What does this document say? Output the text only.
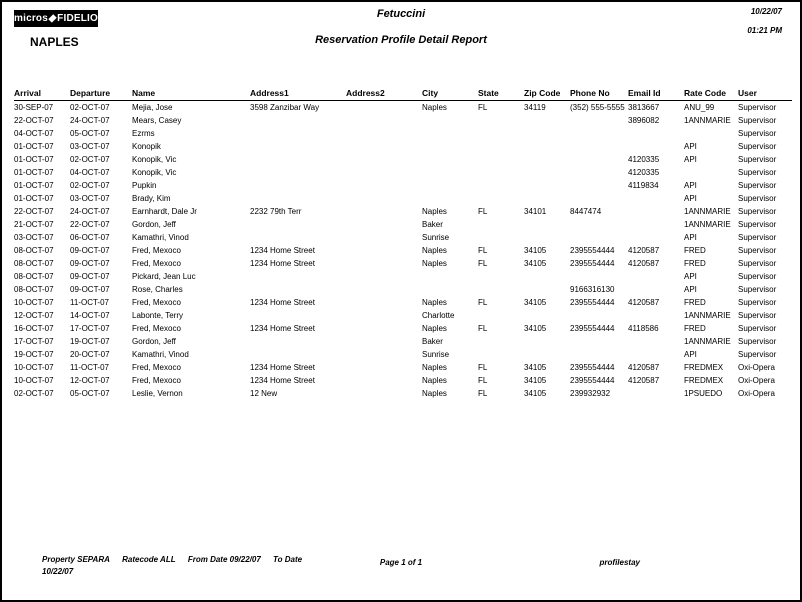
micros FIDELIO
NAPLES
Fetuccini
Reservation Profile Detail Report
10/22/07
01:21 PM
Arrival	Departure	Name	Address1	Address2	City	State	Zip Code	Phone No	Email Id	Rate Code	User
30-SEP-07	02-OCT-07	Mejia, Jose	3598 Zanzibar Way		Naples	FL	34119	(352) 555-5555	3813667	ANU_99	Supervisor
22-OCT-07	24-OCT-07	Mears, Casey							3896082	1ANNMARIE	Supervisor
04-OCT-07	05-OCT-07	Ezrms									Supervisor
01-OCT-07	03-OCT-07	Konopik								API	Supervisor
01-OCT-07	02-OCT-07	Konopik, Vic							4120335	API	Supervisor
01-OCT-07	04-OCT-07	Konopik, Vic							4120335		Supervisor
01-OCT-07	02-OCT-07	Pupkin							4119834	API	Supervisor
01-OCT-07	03-OCT-07	Brady, Kim								API	Supervisor
22-OCT-07	24-OCT-07	Earnhardt, Dale Jr	2232 79th Terr		Naples	FL	34101	8447474		1ANNMARIE	Supervisor
21-OCT-07	22-OCT-07	Gordon, Jeff			Baker					1ANNMARIE	Supervisor
03-OCT-07	06-OCT-07	Kamathri, Vinod			Sunrise					API	Supervisor
08-OCT-07	09-OCT-07	Fred, Mexoco	1234 Home Street		Naples	FL	34105	2395554444	4120587	FRED	Supervisor
08-OCT-07	09-OCT-07	Fred, Mexoco	1234 Home Street		Naples	FL	34105	2395554444	4120587	FRED	Supervisor
08-OCT-07	09-OCT-07	Pickard, Jean Luc								API	Supervisor
08-OCT-07	09-OCT-07	Rose, Charles						9166316130		API	Supervisor
10-OCT-07	11-OCT-07	Fred, Mexoco	1234 Home Street		Naples	FL	34105	2395554444	4120587	FRED	Supervisor
12-OCT-07	14-OCT-07	Labonte, Terry			Charlotte					1ANNMARIE	Supervisor
16-OCT-07	17-OCT-07	Fred, Mexoco	1234 Home Street		Naples	FL	34105	2395554444	4118586	FRED	Supervisor
17-OCT-07	19-OCT-07	Gordon, Jeff			Baker					1ANNMARIE	Supervisor
19-OCT-07	20-OCT-07	Kamathri, Vinod			Sunrise					API	Supervisor
10-OCT-07	11-OCT-07	Fred, Mexoco	1234 Home Street		Naples	FL	34105	2395554444	4120587	FREDMEX	Oxi-Opera
10-OCT-07	12-OCT-07	Fred, Mexoco	1234 Home Street		Naples	FL	34105	2395554444	4120587	FREDMEX	Oxi-Opera
02-OCT-07	05-OCT-07	Leslie, Vernon	12 New		Naples	FL	34105	239932932		1PSUEDO	Oxi-Opera
Property SEPARA Ratecode ALL From Date 09/22/07 To Date
10/22/07
Page 1 of 1	profilestay
